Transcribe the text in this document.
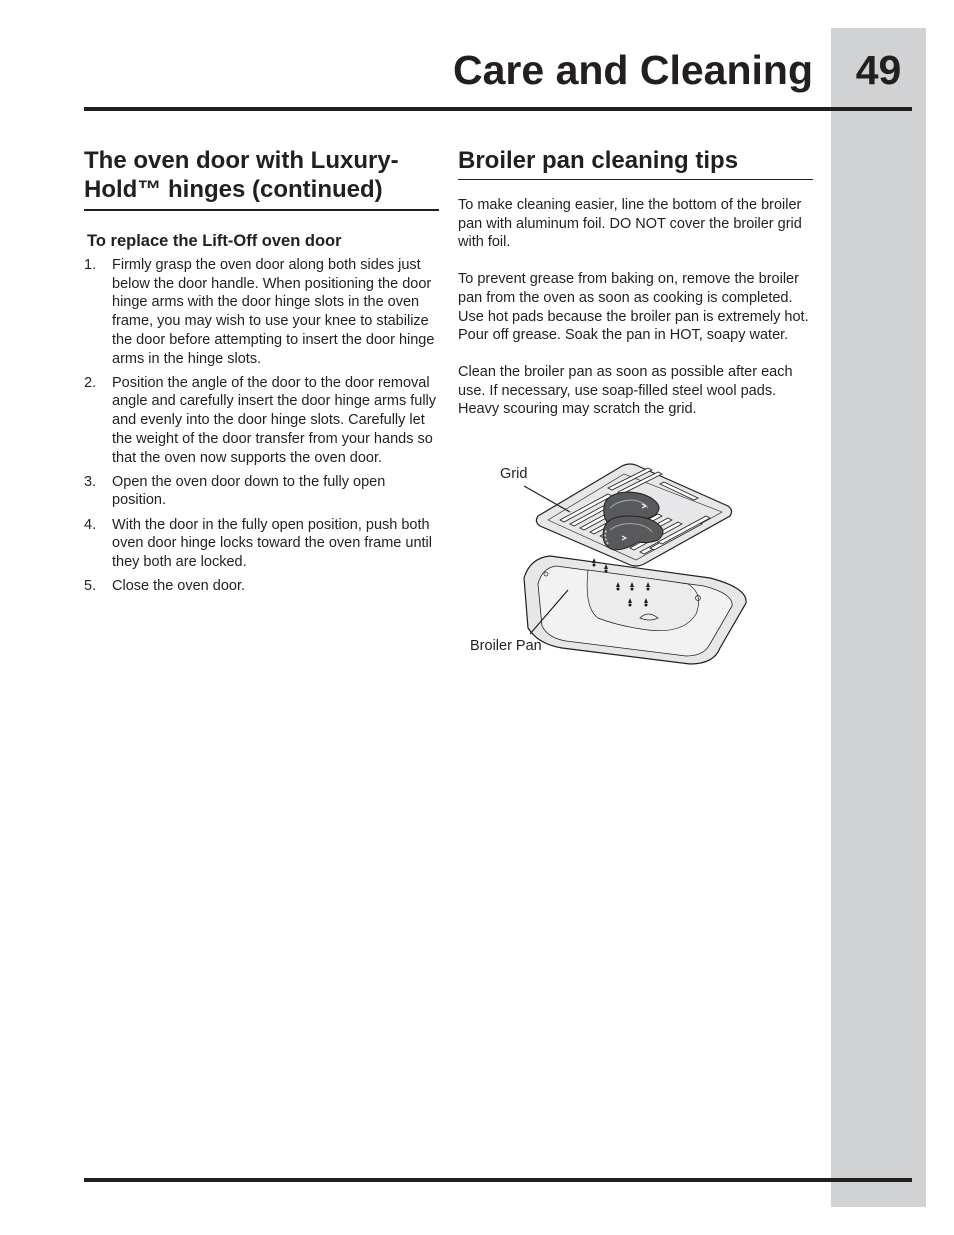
49
Care and Cleaning
The oven door with Luxury-Hold™ hinges (continued)
To replace the Lift-Off oven door
1.	Firmly grasp the oven door along both sides just below the door handle. When positioning the door hinge arms with the door hinge slots in the oven frame, you may wish to use your knee to stabilize the door before attempting to insert the door hinge arms in the hinge slots.
2.	Position the angle of the door to the door removal angle and carefully insert the door hinge arms fully and evenly into the door hinge slots. Carefully let the weight of the door transfer from your hands so that the oven now supports the oven door.
3.	Open the oven door down to the fully open position.
4.	With the door in the fully open position, push both oven door hinge locks toward the oven frame until they both are locked.
5.	Close the oven door.
Broiler pan cleaning tips

To make cleaning easier, line the bottom of the broiler pan with aluminum foil. DO NOT cover the broiler grid with foil.

To prevent grease from baking on, remove the broiler pan from the oven as soon as cooking is completed. Use hot pads because the broiler pan is extremely hot. Pour off grease. Soak the pan in HOT, soapy water.

Clean the broiler pan as soon as possible after each use. If necessary, use soap-filled steel wool pads. Heavy scouring may scratch the grid.

Grid
Broiler Pan
